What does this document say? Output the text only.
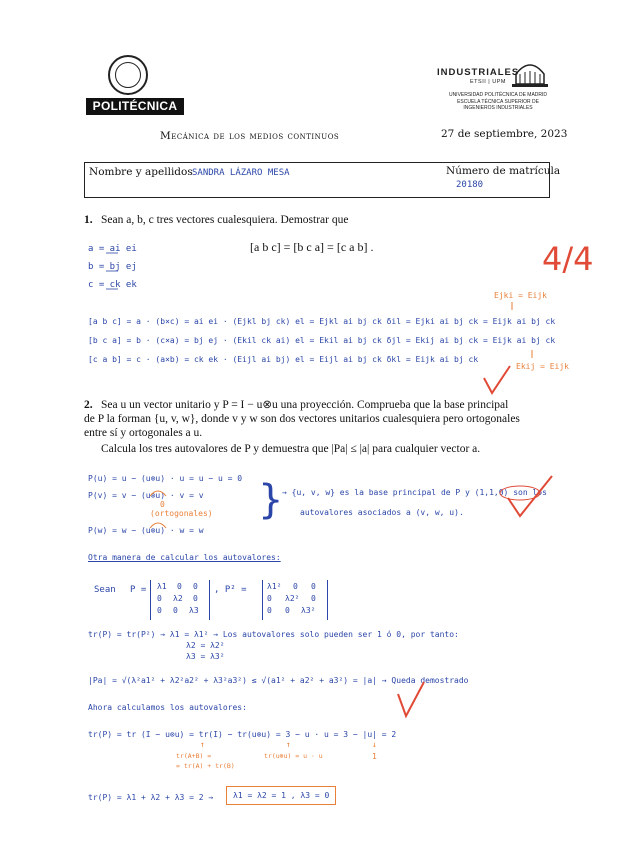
POLITÉCNICA
INDUSTRIALES
ETSII | UPM
UNIVERSIDAD POLITÉCNICA DE MADRID
ESCUELA TÉCNICA SUPERIOR DE
INGENIEROS INDUSTRIALES
Mecánica de los medios continuos	27 de septiembre, 2023
Nombre y apellidos SANDRA LÁZARO MESA	Número de matrícula
20180
1. Sean a, b, c tres vectores cualesquiera. Demostrar que
a = ai ei
b = bj ej
c = ck ek
[a b c] = [b c a] = [c a b] .	4/4
Ejki = Eijk
[a b c] = a · (b×c) = ai ei · (Ejkl bj ck) el = Ejkl ai bj ck δil = Ejki ai bj ck = Eijk ai bj ck
[b c a] = b · (c×a) = bj ej · (Ekil ck ai) el = Ekil ai bj ck δjl = Ekij ai bj ck = Eijk ai bj ck
[c a b] = c · (a×b) = ck ek · (Eijl ai bj) el = Eijl ai bj ck δkl = Eijk ai bj ck
Ekij = Eijk
2. Sea u un vector unitario y P = I − u⊗u una proyección. Comprueba que la base principal
de P la forman {u, v, w}, donde v y w son dos vectores unitarios cualesquiera pero ortogonales
entre sí y ortogonales a u.
Calcula los tres autovalores de P y demuestra que |Pa| ≤ |a| para cualquier vector a.
P(u) = u − (u⊗u) · u = u − u = 0
P(v) = v − (u⊗u) · v = v
0
(ortogonales)
P(w) = w − (u⊗u) · w = w
}
→ {u, v, w} es la base principal de P y (1,1,0) son los
autovalores asociados a (v, w, u).
Otra manera de calcular los autovalores:
Sean P = λ1 0 0
0 λ2 0
0 0 λ3
, P² =	λ1² 0 0
0 λ2² 0
0 0 λ3²
tr(P) = tr(P²) → λ1 = λ1² → Los autovalores solo pueden ser 1 ó 0, por tanto:
λ2 = λ2²
λ3 = λ3²
|Pa| = √(λ²a1² + λ2²a2² + λ3²a3²) ≤ √(a1² + a2² + a3²) = |a| → Queda demostrado
Ahora calculamos los autovalores:
tr(P) = tr (I − u⊗u) = tr(I) − tr(u⊗u) = 3 − u · u = 3 − |u| = 2
↑	↑	↓
tr(A+B) =
= tr(A) + tr(B)
tr(u⊗u) = u · u	1
tr(P) = λ1 + λ2 + λ3 = 2 →	λ1 = λ2 = 1 , λ3 = 0
